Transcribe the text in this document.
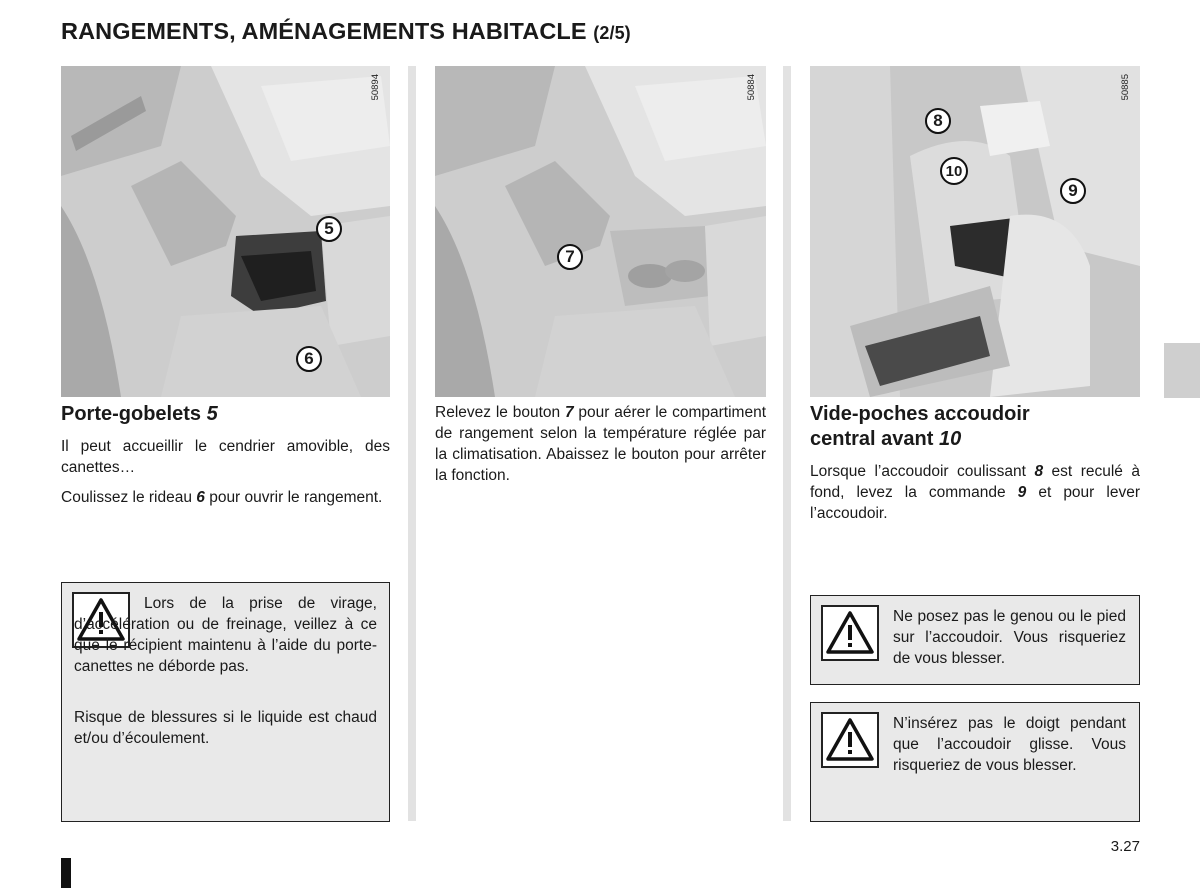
RANGEMENTS, AMÉNAGEMENTS HABITACLE (2/5)
50894
5
6
50884
7
50885
8
9
10
Porte-gobelets 5
Il peut accueillir le cendrier amovible, des canettes…
Coulissez le rideau 6 pour ouvrir le rangement.
Lors de la prise de virage, d’accélération ou de freinage, veillez à ce que le récipient maintenu à l’aide du porte-canettes ne déborde pas.
Risque de blessures si le liquide est chaud et/ou d’écoulement.
Relevez le bouton 7 pour aérer le compartiment de rangement selon la température réglée par la climatisation. Abaissez le bouton pour arrêter la fonction.
Vide-poches accoudoir
central avant 10
Lorsque l’accoudoir coulissant 8 est reculé à fond, levez la commande 9 et pour lever l’accoudoir.
Ne posez pas le genou ou le pied sur l’accoudoir. Vous risqueriez de vous blesser.
N’insérez pas le doigt pendant que l’accoudoir glisse. Vous risqueriez de vous blesser.
3.27
